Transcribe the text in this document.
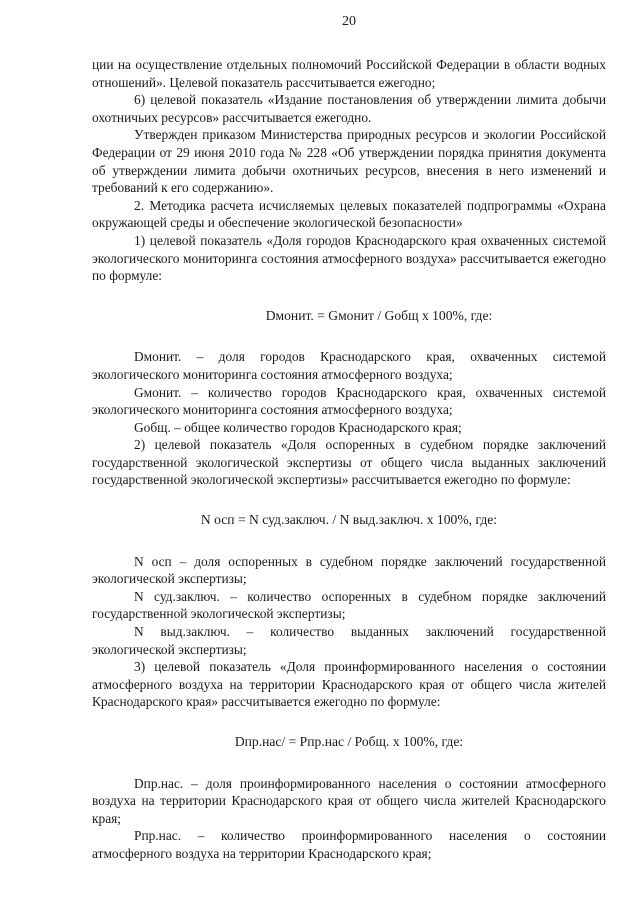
20

ции на осуществление отдельных полномочий Российской Федерации в области водных отношений». Целевой показатель рассчитывается ежегодно;

6) целевой показатель «Издание постановления об утверждении лимита добычи охотничьих ресурсов» рассчитывается ежегодно.

Утвержден приказом Министерства природных ресурсов и экологии Российской Федерации от 29 июня 2010 года № 228 «Об утверждении порядка принятия документа об утверждении лимита добычи охотничьих ресурсов, внесения в него изменений и требований к его содержанию».

2. Методика расчета исчисляемых целевых показателей подпрограммы «Охрана окружающей среды и обеспечение экологической безопасности»

1) целевой показатель «Доля городов Краснодарского края охваченных системой экологического мониторинга состояния атмосферного воздуха» рассчитывается ежегодно по формуле:

Dмонит. = Gмонит / Gобщ х 100%, где:

Dмонит. – доля городов Краснодарского края, охваченных системой экологического мониторинга состояния атмосферного воздуха;

Gмонит. – количество городов Краснодарского края, охваченных системой экологического мониторинга состояния атмосферного воздуха;

Gобщ. – общее количество городов Краснодарского края;

2) целевой показатель «Доля оспоренных в судебном порядке заключений государственной экологической экспертизы от общего числа выданных заключений государственной экологической экспертизы» рассчитывается ежегодно по формуле:

N осп = N суд.заключ. / N выд.заключ. х 100%, где:

N осп – доля оспоренных в судебном порядке заключений государственной экологической экспертизы;

N суд.заключ. – количество оспоренных в судебном порядке заключений государственной экологической экспертизы;

N выд.заключ. – количество выданных заключений государственной экологической экспертизы;

3) целевой показатель «Доля проинформированного населения о состоянии атмосферного воздуха на территории Краснодарского края от общего числа жителей Краснодарского края» рассчитывается ежегодно по формуле:

Dпр.нас/ = Рпр.нас / Робщ. х 100%, где:

Dпр.нас. – доля проинформированного населения о состоянии атмосферного воздуха на территории Краснодарского края от общего числа жителей Краснодарского края;

Рпр.нас. – количество проинформированного населения о состоянии атмосферного воздуха на территории Краснодарского края;
